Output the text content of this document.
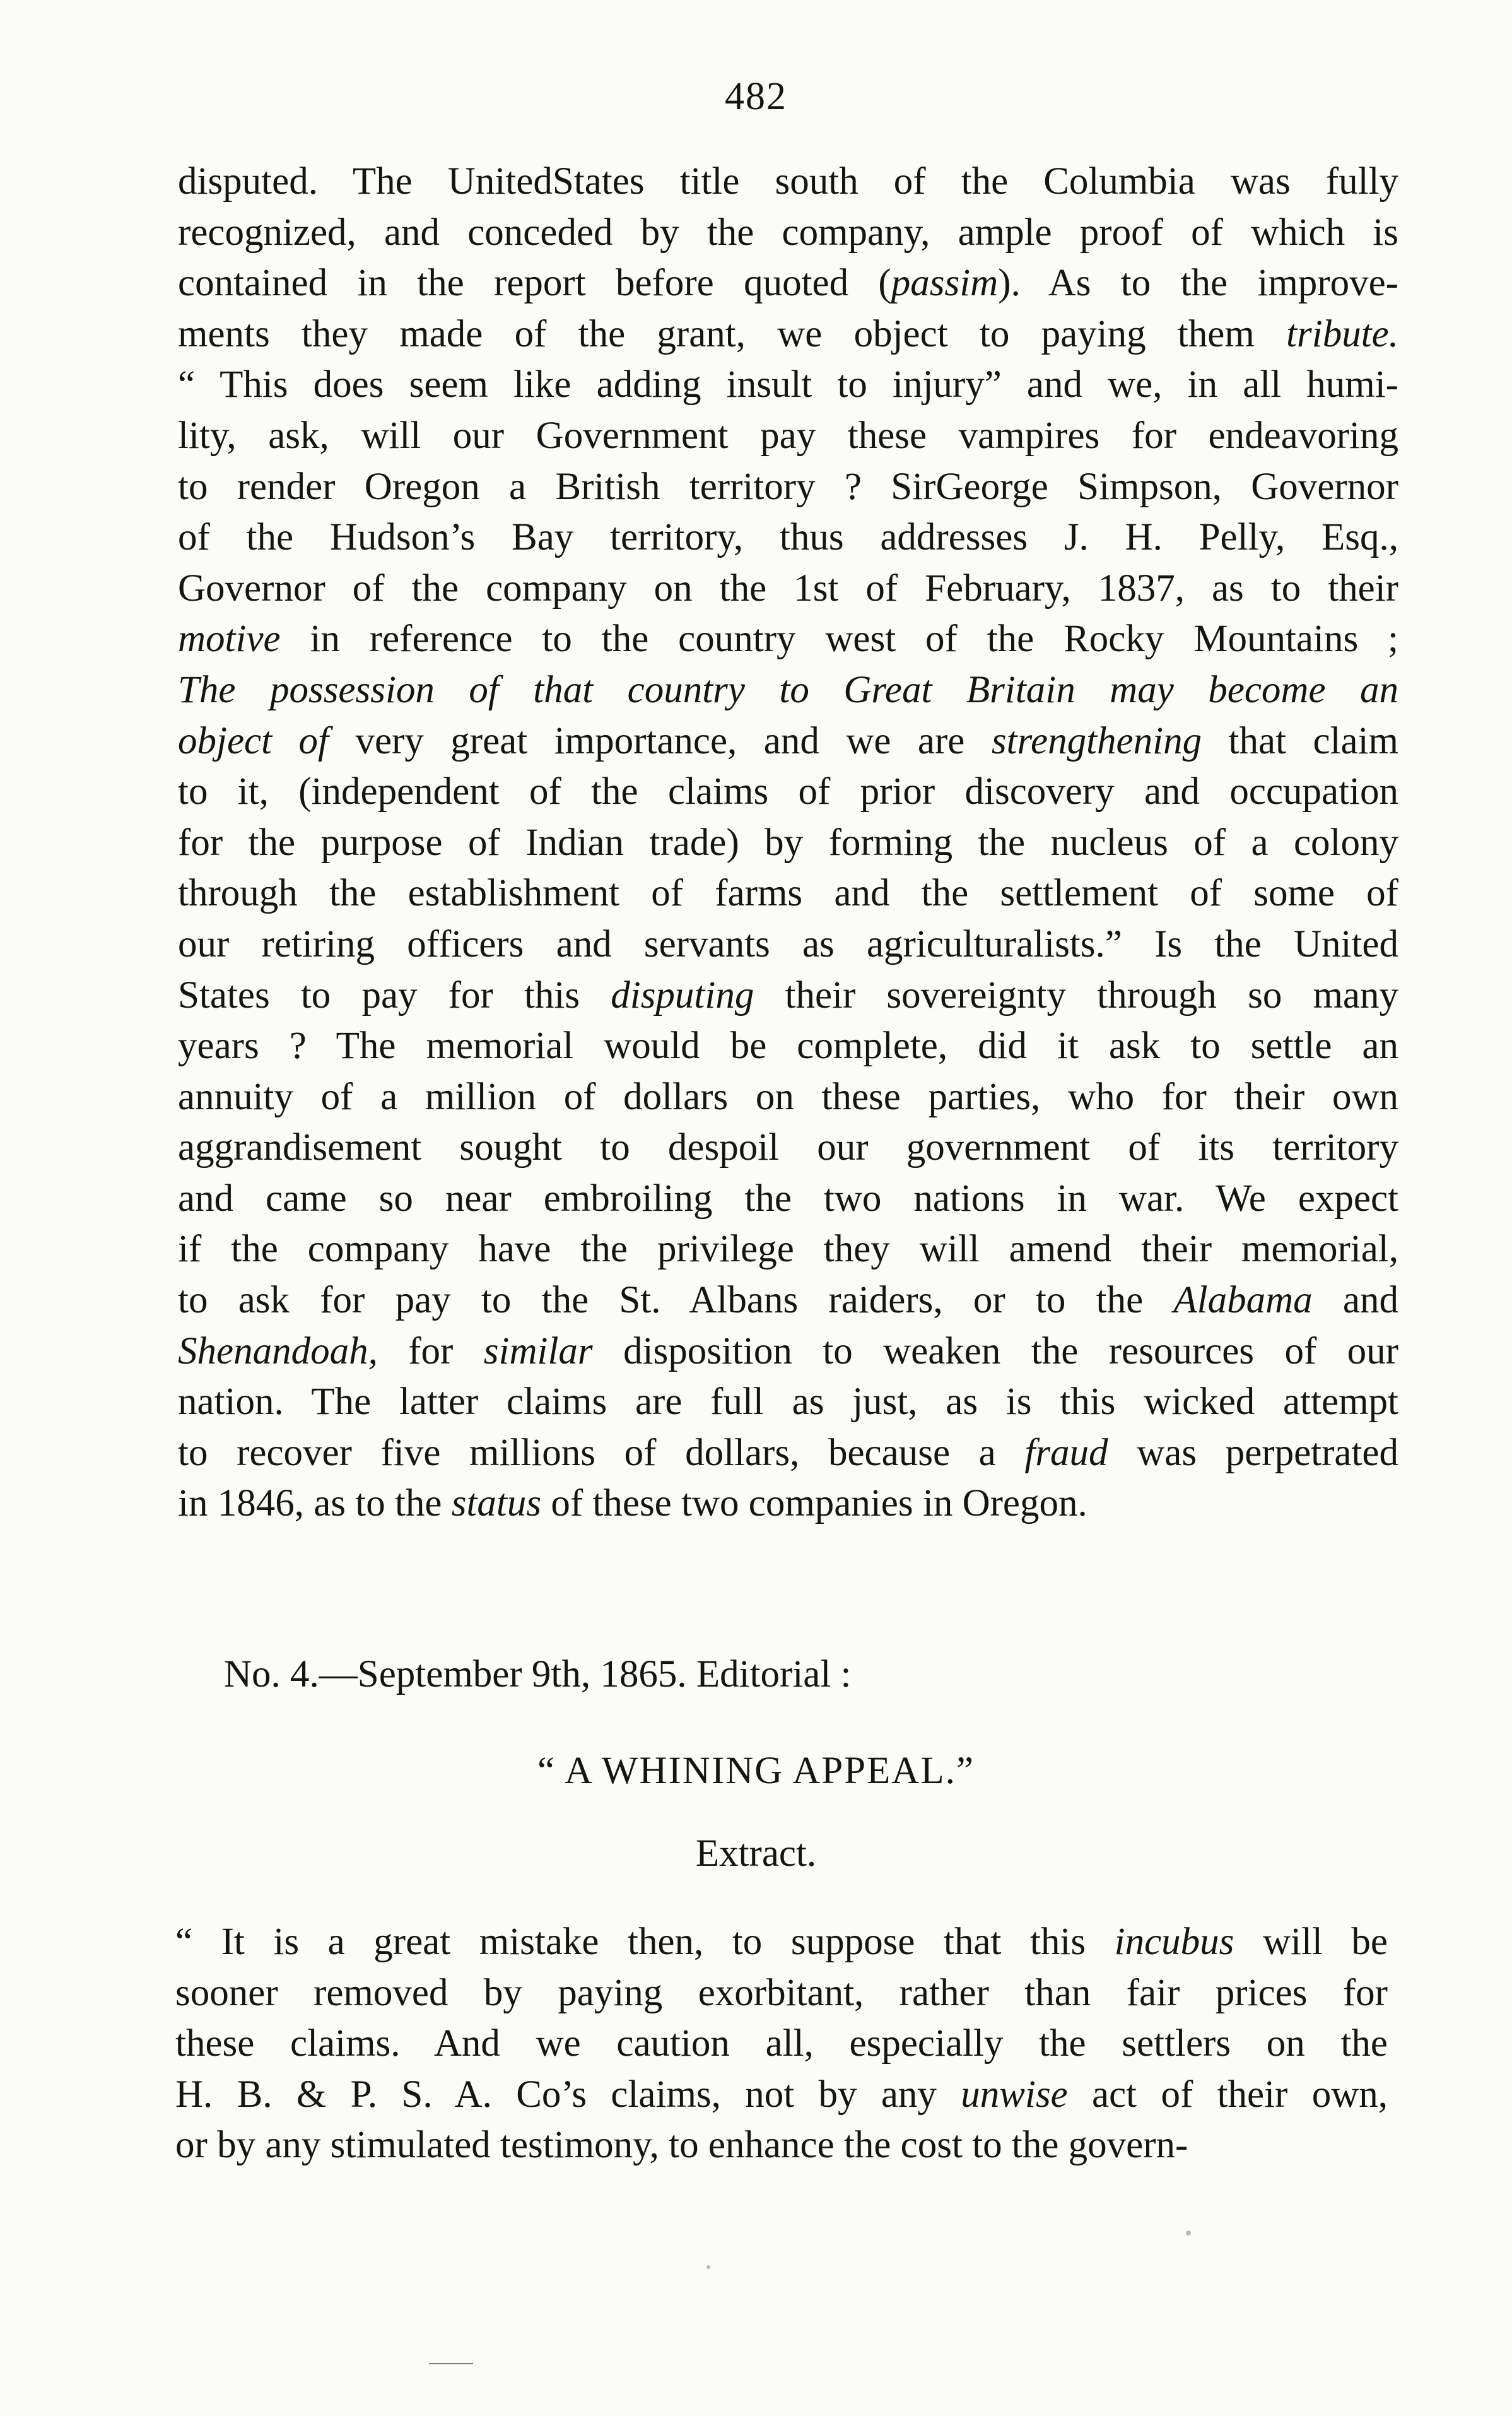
482
disputed. The UnitedStates title south of the Columbia was fully
recognized, and conceded by the company, ample proof of which is
contained in the report before quoted (passim). As to the improve-
ments they made of the grant, we object to paying them tribute.
“ This does seem like adding insult to injury” and we, in all humi-
lity, ask, will our Government pay these vampires for endeavoring
to render Oregon a British territory ? SirGeorge Simpson, Governor
of the Hudson’s Bay territory, thus addresses J. H. Pelly, Esq.,
Governor of the company on the 1st of February, 1837, as to their
motive in reference to the country west of the Rocky Mountains ;
The possession of that country to Great Britain may become an
object of very great importance, and we are strengthening that claim
to it, (independent of the claims of prior discovery and occupation
for the purpose of Indian trade) by forming the nucleus of a colony
through the establishment of farms and the settlement of some of
our retiring officers and servants as agriculturalists.” Is the United
States to pay for this disputing their sovereignty through so many
years ? The memorial would be complete, did it ask to settle an
annuity of a million of dollars on these parties, who for their own
aggrandisement sought to despoil our government of its territory
and came so near embroiling the two nations in war. We expect
if the company have the privilege they will amend their memorial,
to ask for pay to the St. Albans raiders, or to the Alabama and
Shenandoah, for similar disposition to weaken the resources of our
nation. The latter claims are full as just, as is this wicked attempt
to recover five millions of dollars, because a fraud was perpetrated
in 1846, as to the status of these two companies in Oregon.
No. 4.—September 9th, 1865. Editorial :
“ A WHINING APPEAL.”
Extract.
“ It is a great mistake then, to suppose that this incubus will be
sooner removed by paying exorbitant, rather than fair prices for
these claims. And we caution all, especially the settlers on the
H. B. & P. S. A. Co’s claims, not by any unwise act of their own,
or by any stimulated testimony, to enhance the cost to the govern-
